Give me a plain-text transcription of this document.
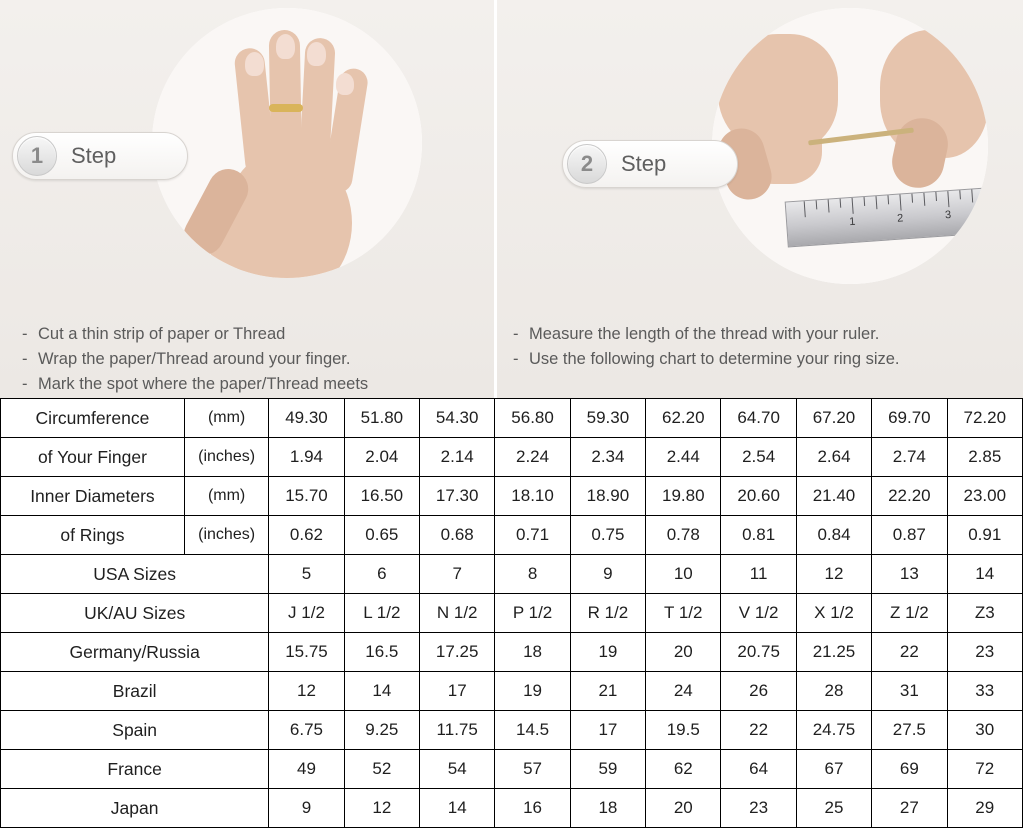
1	2	3
1	Step	2	Step
- Cut a thin strip of paper or Thread
- Wrap the paper/Thread around your finger.
- Mark the spot where the paper/Thread meets
- Measure the length of the thread with your ruler.
- Use the following chart to determine your ring size.
Circumference	(mm)	49.30	51.80	54.30	56.80	59.30	62.20	64.70	67.20	69.70	72.20
of Your Finger	(inches)	1.94	2.04	2.14	2.24	2.34	2.44	2.54	2.64	2.74	2.85
Inner Diameters	(mm)	15.70	16.50	17.30	18.10	18.90	19.80	20.60	21.40	22.20	23.00
of Rings	(inches)	0.62	0.65	0.68	0.71	0.75	0.78	0.81	0.84	0.87	0.91
USA Sizes		5	6	7	8	9	10	11	12	13	14
UK/AU Sizes		J 1/2	L 1/2	N 1/2	P 1/2	R 1/2	T 1/2	V 1/2	X 1/2	Z 1/2	Z3
Germany/Russia		15.75	16.5	17.25	18	19	20	20.75	21.25	22	23
Brazil		12	14	17	19	21	24	26	28	31	33
Spain		6.75	9.25	11.75	14.5	17	19.5	22	24.75	27.5	30
France		49	52	54	57	59	62	64	67	69	72
Japan		9	12	14	16	18	20	23	25	27	29
